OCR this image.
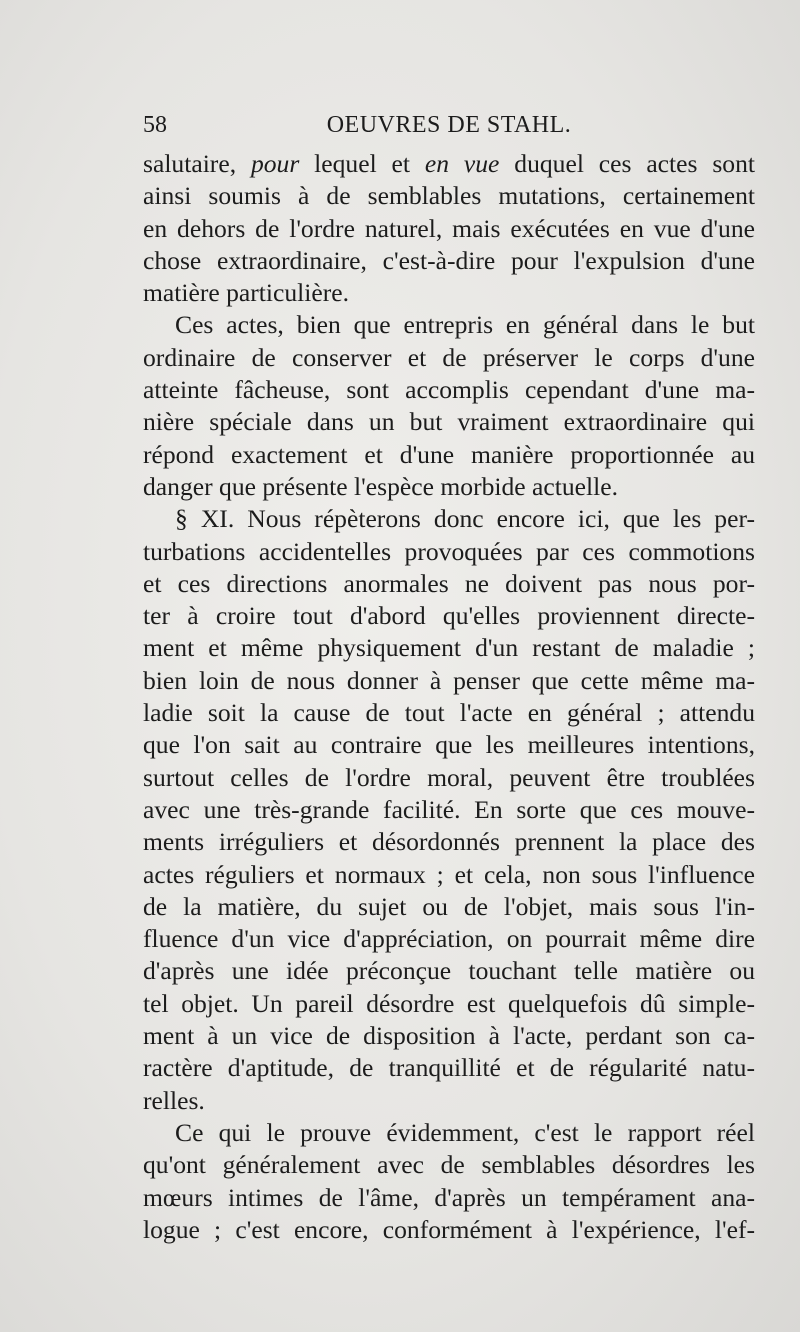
58	OEUVRES DE STAHL.
salutaire, pour lequel et en vue duquel ces actes sont
ainsi soumis à de semblables mutations, certainement
en dehors de l'ordre naturel, mais exécutées en vue d'une
chose extraordinaire, c'est-à-dire pour l'expulsion d'une
matière particulière.
Ces actes, bien que entrepris en général dans le but
ordinaire de conserver et de préserver le corps d'une
atteinte fâcheuse, sont accomplis cependant d'une ma-
nière spéciale dans un but vraiment extraordinaire qui
répond exactement et d'une manière proportionnée au
danger que présente l'espèce morbide actuelle.
§ XI. Nous répèterons donc encore ici, que les per-
turbations accidentelles provoquées par ces commotions
et ces directions anormales ne doivent pas nous por-
ter à croire tout d'abord qu'elles proviennent directe-
ment et même physiquement d'un restant de maladie ;
bien loin de nous donner à penser que cette même ma-
ladie soit la cause de tout l'acte en général ; attendu
que l'on sait au contraire que les meilleures intentions,
surtout celles de l'ordre moral, peuvent être troublées
avec une très-grande facilité. En sorte que ces mouve-
ments irréguliers et désordonnés prennent la place des
actes réguliers et normaux ; et cela, non sous l'influence
de la matière, du sujet ou de l'objet, mais sous l'in-
fluence d'un vice d'appréciation, on pourrait même dire
d'après une idée préconçue touchant telle matière ou
tel objet. Un pareil désordre est quelquefois dû simple-
ment à un vice de disposition à l'acte, perdant son ca-
ractère d'aptitude, de tranquillité et de régularité natu-
relles.
Ce qui le prouve évidemment, c'est le rapport réel
qu'ont généralement avec de semblables désordres les
mœurs intimes de l'âme, d'après un tempérament ana-
logue ; c'est encore, conformément à l'expérience, l'ef-
